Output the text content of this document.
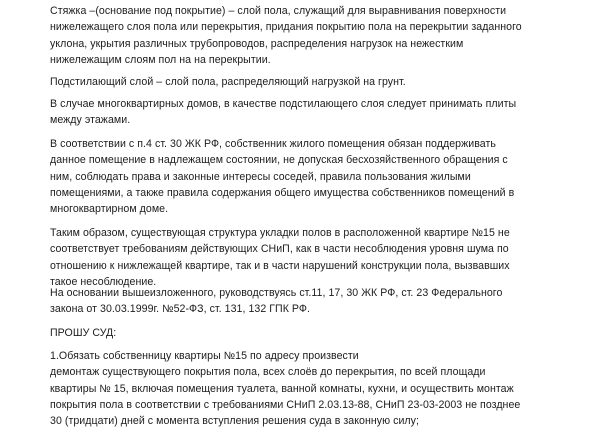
Стяжка –(основание под покрытие) – слой пола, служащий для выравнивания поверхности
нижележащего слоя пола или перекрытия, придания покрытию пола на перекрытии заданного
уклона, укрытия различных трубопроводов, распределения нагрузок на нежестким
нижележащим слоям пол на на перекрытии.

Подстилающий слой – слой пола, распределяющий нагрузкой на грунт.

В случае многоквартирных домов, в качестве подстилающего слоя следует принимать плиты
между этажами.

В соответствии с п.4 ст. 30 ЖК РФ, собственник жилого помещения обязан поддерживать
данное помещение в надлежащем состоянии, не допуская бесхозяйственного обращения с
ним, соблюдать права и законные интересы соседей, правила пользования жилыми
помещениями, а также правила содержания общего имущества собственников помещений в
многоквартирном доме.

Таким образом, существующая структура укладки полов в расположенной квартире №15 не
соответствует требованиям действующих СНиП, как в части несоблюдения уровня шума по
отношению к нижлежащей квартире, так и в части нарушений конструкции пола, вызвавших
такое несоблюдение.

На основании вышеизложенного, руководствуясь ст.11, 17, 30 ЖК РФ, ст. 23 Федерального
закона от 30.03.1999г. №52-ФЗ, ст. 131, 132 ГПК РФ.

ПРОШУ СУД:

1.Обязать собственницу квартиры №15 по адресу произвести
демонтаж существующего покрытия пола, всех слоёв до перекрытия, по всей площади
квартиры № 15, включая помещения туалета, ванной комнаты, кухни, и осуществить монтаж
покрытия пола в соответствии с требованиями СНиП 2.03.13-88, СНиП 23-03-2003 не позднее
30 (тридцати) дней с момента вступления решения суда в законную силу;
